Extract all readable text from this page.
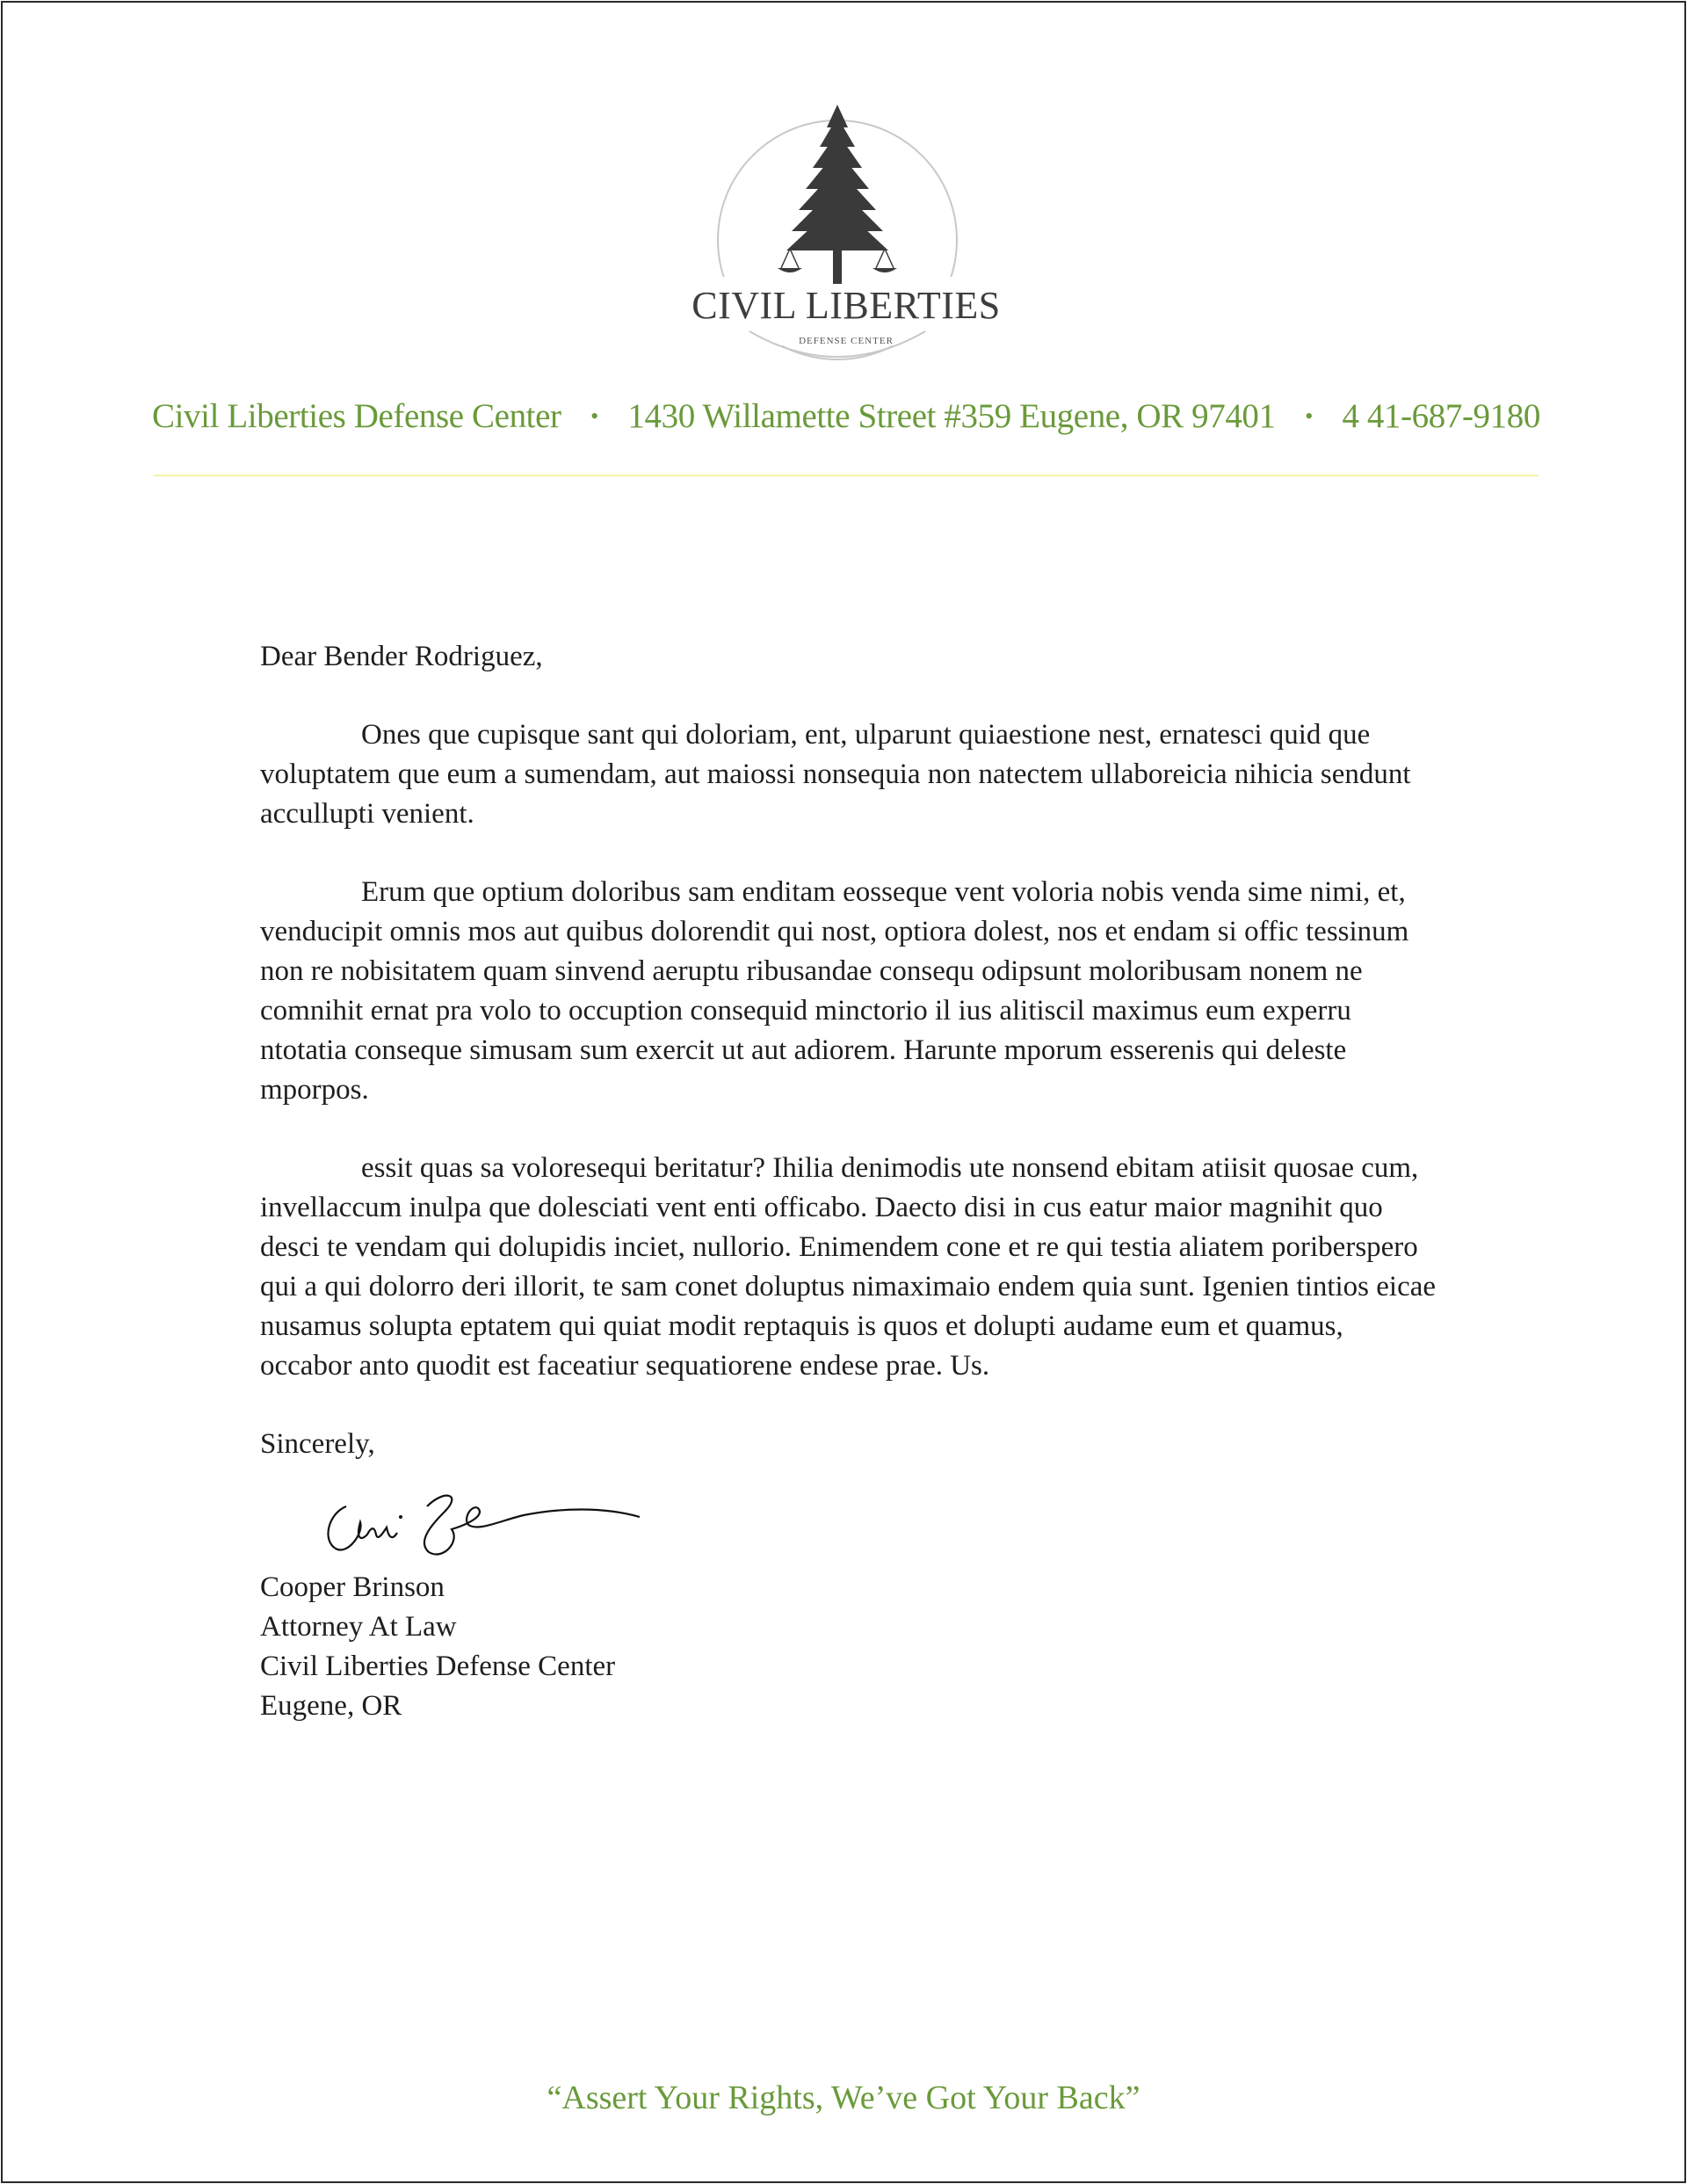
CIVIL LIBERTIES
DEFENSE CENTER
Civil Liberties Defense Center • 1430 Willamette Street #359 Eugene, OR 97401 • 4 41-687-9180

Dear Bender Rodriguez,

Ones que cupisque sant qui doloriam, ent, ulparunt quiaestione nest, ernatesci quid que voluptatem que eum a sumendam, aut maiossi nonsequia non natectem ullaboreicia nihicia sendunt accullupti venient.

Erum que optium doloribus sam enditam eosseque vent voloria nobis venda sime nimi, et, venducipit omnis mos aut quibus dolorendit qui nost, optiora dolest, nos et endam si offic tessinum non re nobisitatem quam sinvend aeruptu ribusandae consequ odipsunt moloribusam nonem ne comnihit ernat pra volo to occuption consequid minctorio il ius alitiscil maximus eum experru ntotatia conseque simusam sum exercit ut aut adiorem. Harunte mporum esserenis qui deleste mporpos.

essit quas sa voloresequi beritatur? Ihilia denimodis ute nonsend ebitam atiisit quosae cum, invellaccum inulpa que dolesciati vent enti officabo. Daecto disi in cus eatur maior magnihit quo desci te vendam qui dolupidis inciet, nullorio. Enimendem cone et re qui testia aliatem poriberspero qui a qui dolorro deri illorit, te sam conet doluptus nimaximaio endem quia sunt. Igenien tintios eicae nusamus solupta eptatem qui quiat modit reptaquis is quos et dolupti audame eum et quamus, occabor anto quodit est faceatiur sequatiorene endese prae. Us.

Sincerely,

Cooper Brinson
Attorney At Law
Civil Liberties Defense Center
Eugene, OR
“Assert Your Rights, We’ve Got Your Back”
